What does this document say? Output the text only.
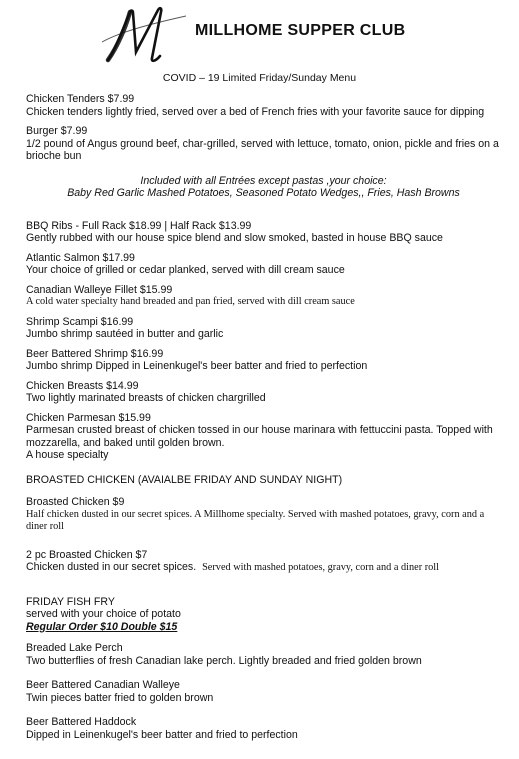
MILLHOME SUPPER CLUB
COVID – 19 Limited Friday/Sunday Menu
Chicken Tenders $7.99
Chicken tenders lightly fried, served over a bed of French fries with your favorite sauce for dipping
Burger $7.99
1/2 pound of Angus ground beef, char-grilled, served with lettuce, tomato, onion, pickle and fries on a brioche bun
Included with all Entrées except pastas ,your choice:
Baby Red Garlic Mashed Potatoes, Seasoned Potato Wedges,, Fries, Hash Browns
BBQ Ribs - Full Rack $18.99 | Half Rack $13.99
Gently rubbed with our house spice blend and slow smoked, basted in house BBQ sauce
Atlantic Salmon $17.99
Your choice of grilled or cedar planked, served with dill cream sauce
Canadian Walleye Fillet $15.99
A cold water specialty hand breaded and pan fried, served with dill cream sauce
Shrimp Scampi $16.99
Jumbo shrimp sautéed in butter and garlic
Beer Battered Shrimp $16.99
Jumbo shrimp Dipped in Leinenkugel's beer batter and fried to perfection
Chicken Breasts $14.99
Two lightly marinated breasts of chicken chargrilled
Chicken Parmesan $15.99
Parmesan crusted breast of chicken tossed in our house marinara with fettuccini pasta. Topped with mozzarella, and baked until golden brown.
A house specialty
BROASTED CHICKEN (AVAIALBE FRIDAY AND SUNDAY NIGHT)
Broasted Chicken $9
Half chicken dusted in our secret spices. A Millhome specialty. Served with mashed potatoes, gravy, corn and a diner roll
2 pc Broasted Chicken $7
Chicken dusted in our secret spices. Served with mashed potatoes, gravy, corn and a diner roll
FRIDAY FISH FRY
served with your choice of potato
Regular Order $10 Double $15
Breaded Lake Perch
Two butterflies of fresh Canadian lake perch. Lightly breaded and fried golden brown
Beer Battered Canadian Walleye
Twin pieces batter fried to golden brown
Beer Battered Haddock
Dipped in Leinenkugel's beer batter and fried to perfection
